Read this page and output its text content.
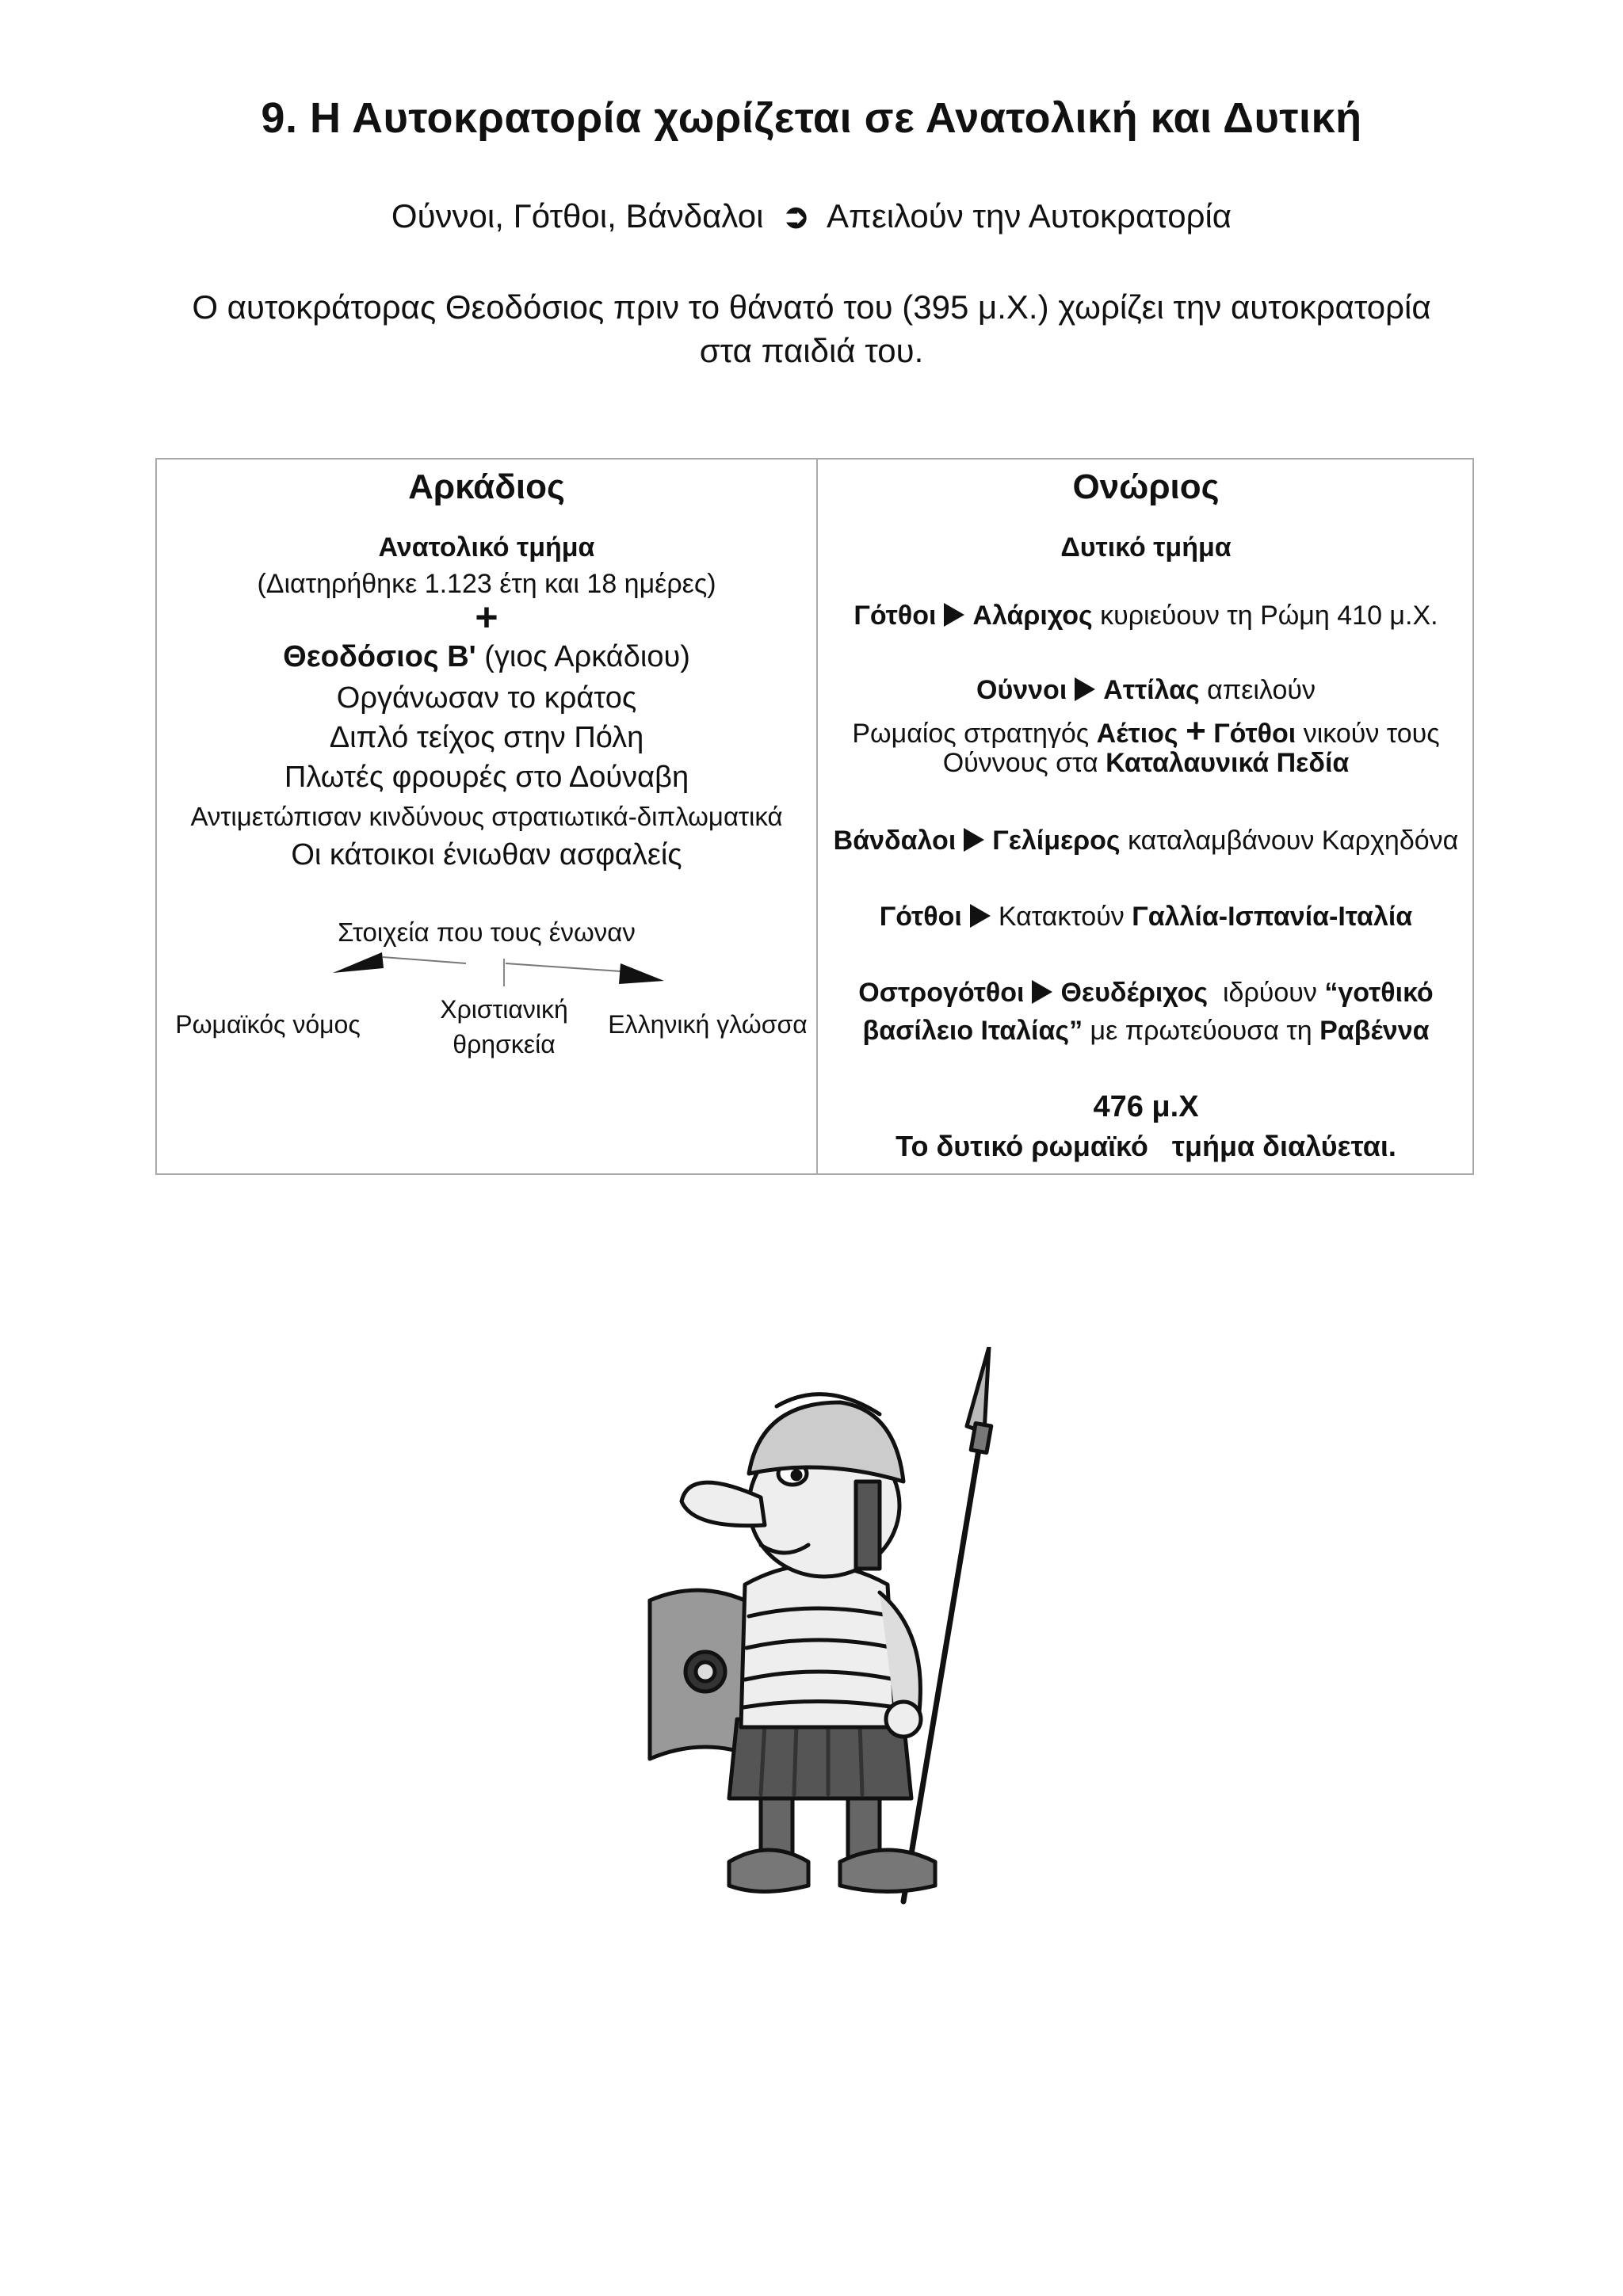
9. Η Αυτοκρατορία χωρίζεται σε Ανατολική και Δυτική
Ούννοι, Γότθοι, Βάνδαλοι  ➲  Απειλούν την Αυτοκρατορία
Ο αυτοκράτορας Θεοδόσιος πριν το θάνατό του (395 μ.Χ.) χωρίζει την αυτοκρατορία στα παιδιά του.
Αρκάδιος
Ανατολικό τμήμα
(Διατηρήθηκε 1.123 έτη και 18 ημέρες)
+
Θεοδόσιος Β' (γιος Αρκάδιου)
Οργάνωσαν το κράτος
Διπλό τείχος στην Πόλη
Πλωτές φρουρές στο Δούναβη
Αντιμετώπισαν κινδύνους στρατιωτικά-διπλωματικά
Οι κάτοικοι ένιωθαν ασφαλείς
Στοιχεία που τους ένωναν
Ρωμαϊκός νόμος
Χριστιανική θρησκεία
Ελληνική γλώσσα
Ονώριος
Δυτικό τμήμα
Γότθοι Αλάριχος κυριεύουν τη Ρώμη 410 μ.Χ.
Ούννοι Αττίλας απειλούν
Ρωμαίος στρατηγός Αέτιος + Γότθοι νικούν τους
Ούννους στα Καταλαυνικά Πεδία
Βάνδαλοι Γελίμερος καταλαμβάνουν Καρχηδόνα
Γότθοι Κατακτούν Γαλλία-Ισπανία-Ιταλία
Οστρογότθοι Θευδέριχος  ιδρύουν “γοτθικό
βασίλειο Ιταλίας” με πρωτεύουσα τη Ραβέννα
476 μ.Χ
Το δυτικό ρωμαϊκό   τμήμα διαλύεται.
